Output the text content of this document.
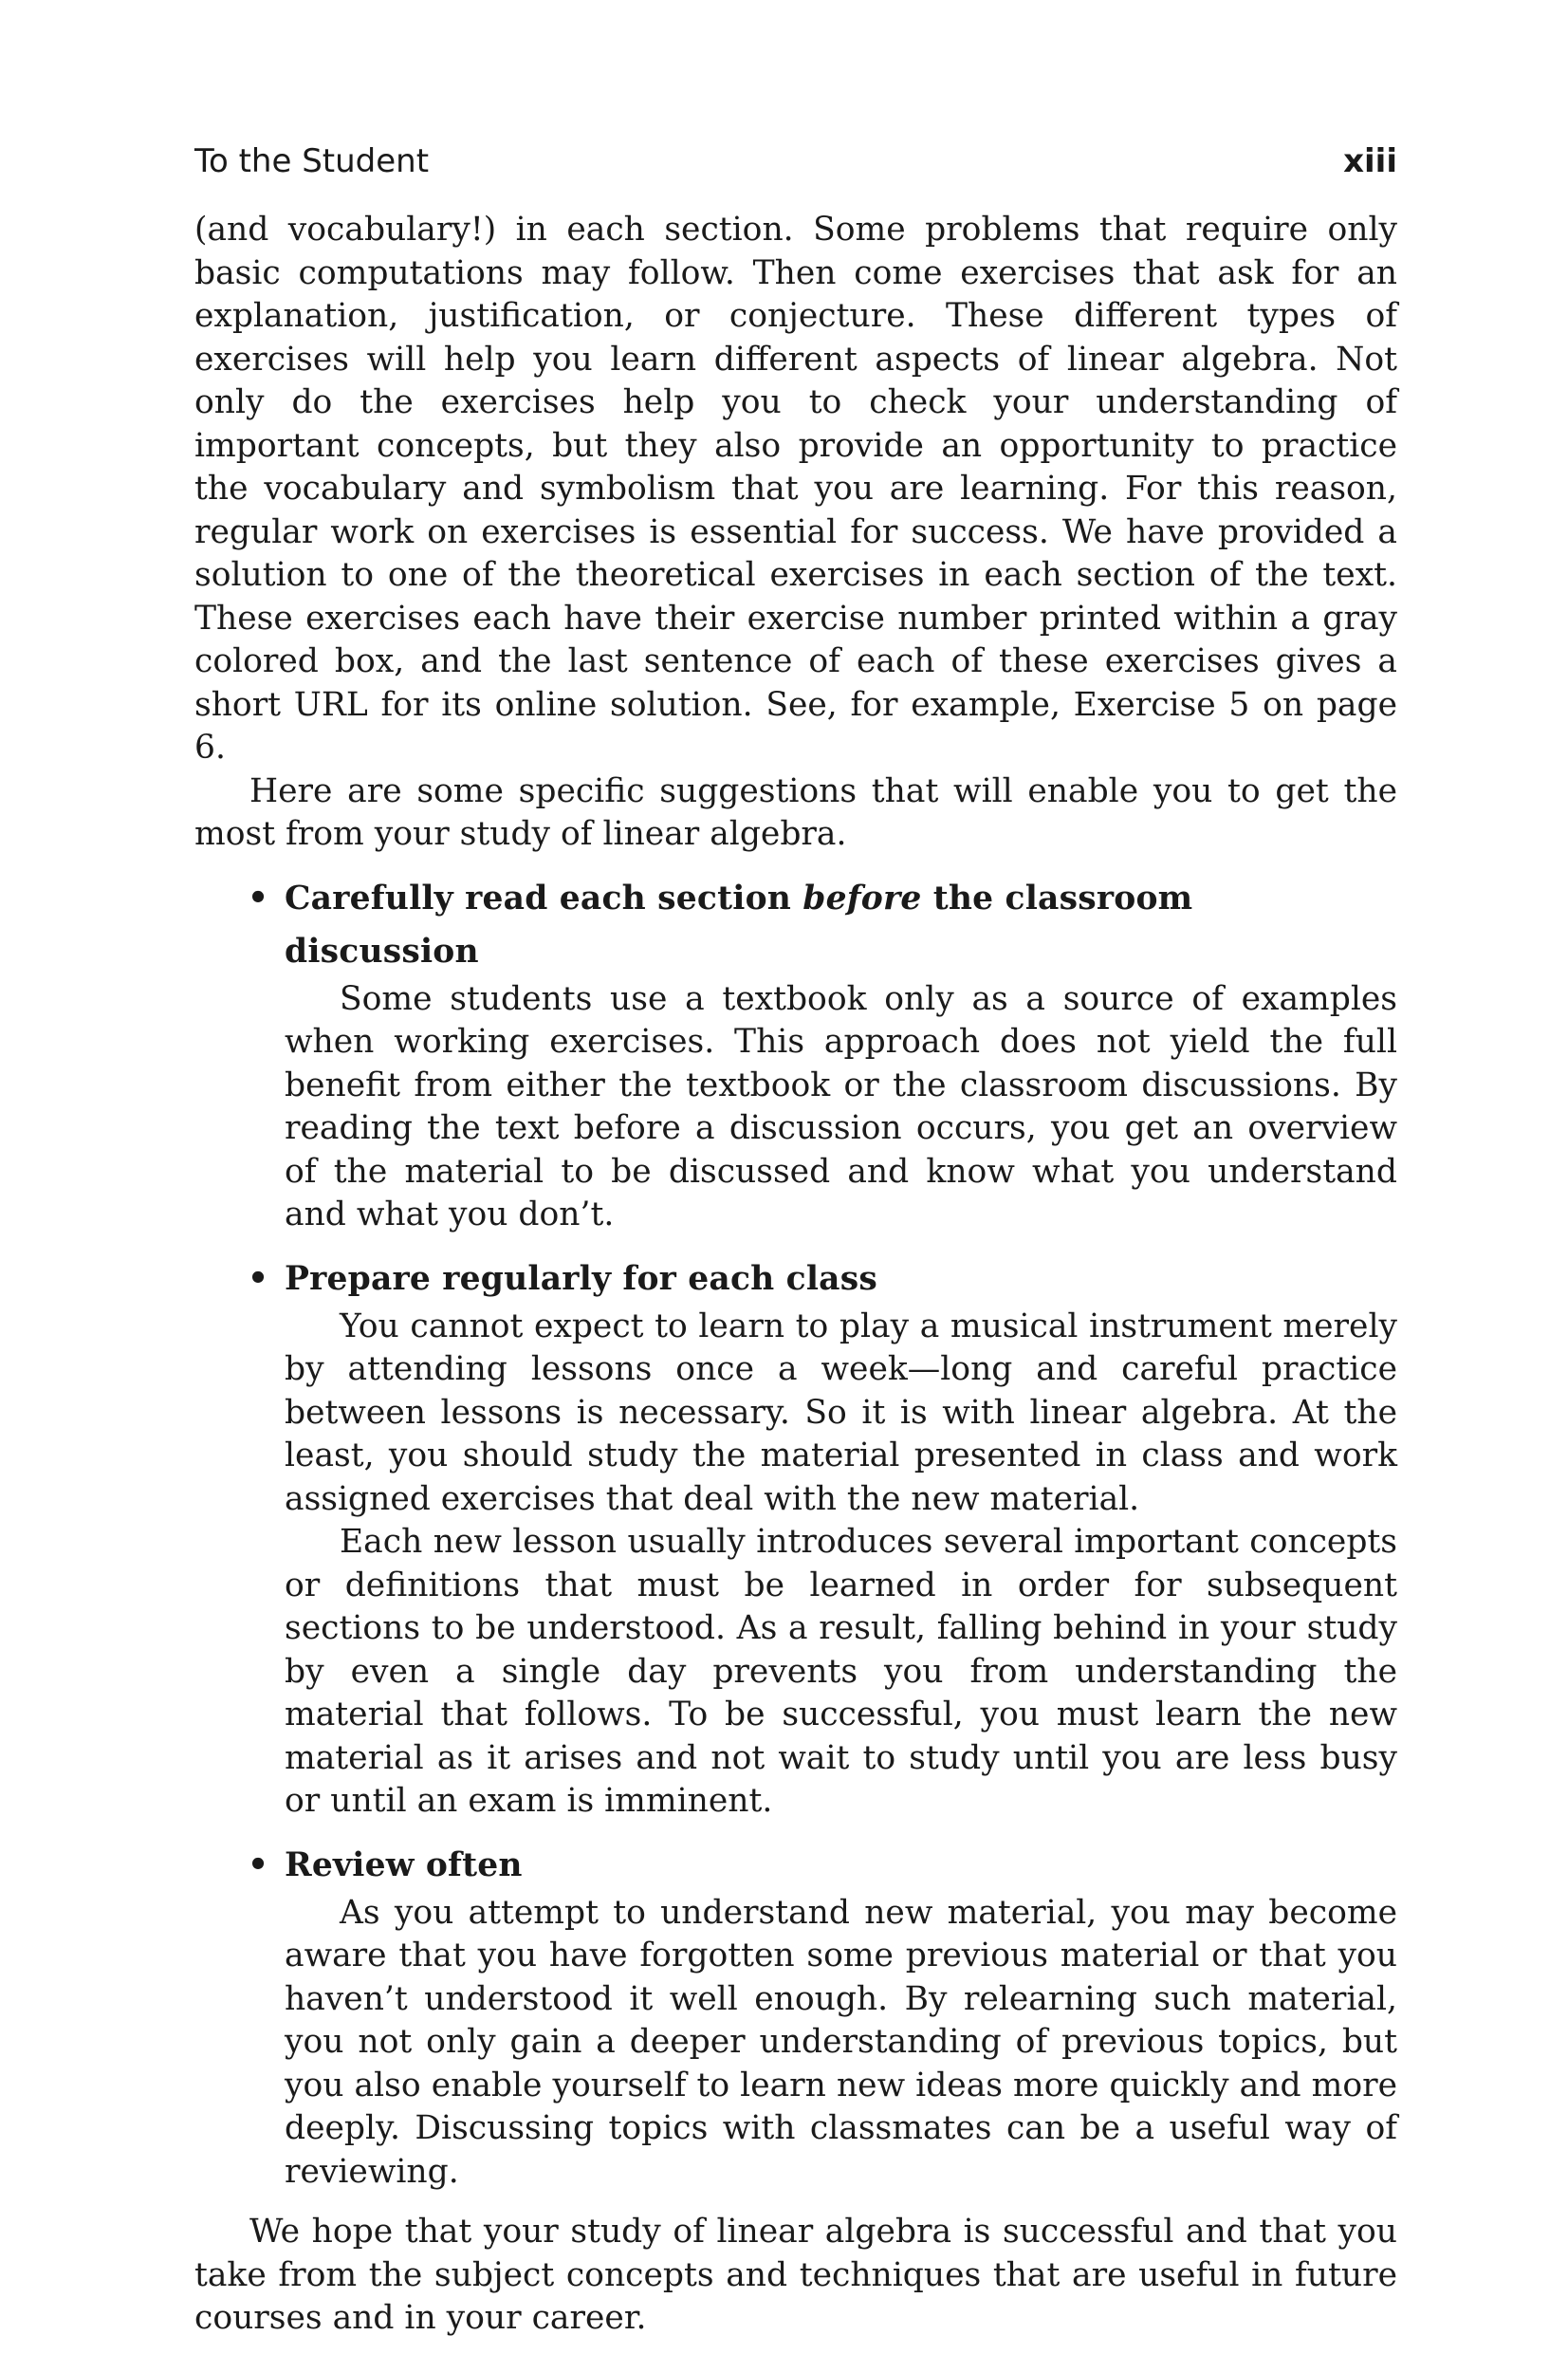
To the Student	xiii

(and vocabulary!) in each section. Some problems that require only basic computations may follow. Then come exercises that ask for an explanation, justification, or conjecture. These different types of exercises will help you learn different aspects of linear algebra. Not only do the exercises help you to check your understanding of important concepts, but they also provide an opportunity to practice the vocabulary and symbolism that you are learning. For this reason, regular work on exercises is essential for success. We have provided a solution to one of the theoretical exercises in each section of the text. These exercises each have their exercise number printed within a gray colored box, and the last sentence of each of these exercises gives a short URL for its online solution. See, for example, Exercise 5 on page 6.

Here are some specific suggestions that will enable you to get the most from your study of linear algebra.

• Carefully read each section before the classroom discussion

Some students use a textbook only as a source of examples when working exercises. This approach does not yield the full benefit from either the textbook or the classroom discussions. By reading the text before a discussion occurs, you get an overview of the material to be discussed and know what you understand and what you don’t.

• Prepare regularly for each class

You cannot expect to learn to play a musical instrument merely by attending lessons once a week—long and careful practice between lessons is necessary. So it is with linear algebra. At the least, you should study the material presented in class and work assigned exercises that deal with the new material.

Each new lesson usually introduces several important concepts or definitions that must be learned in order for subsequent sections to be understood. As a result, falling behind in your study by even a single day prevents you from understanding the material that follows. To be successful, you must learn the new material as it arises and not wait to study until you are less busy or until an exam is imminent.

• Review often

As you attempt to understand new material, you may become aware that you have forgotten some previous material or that you haven’t understood it well enough. By relearning such material, you not only gain a deeper understanding of previous topics, but you also enable yourself to learn new ideas more quickly and more deeply. Discussing topics with classmates can be a useful way of reviewing.

We hope that your study of linear algebra is successful and that you take from the subject concepts and techniques that are useful in future courses and in your career.
